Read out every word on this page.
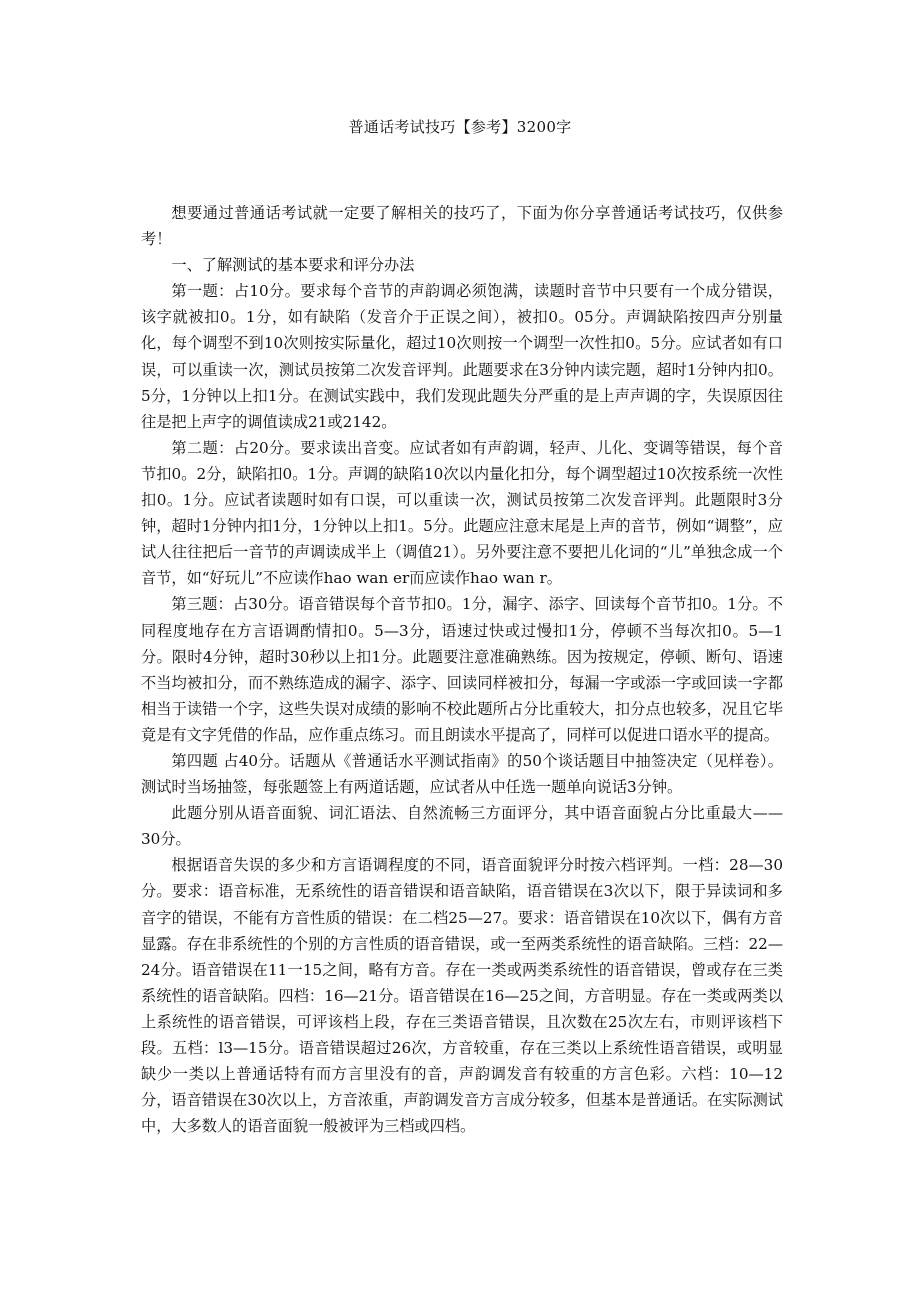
普通话考试技巧【参考】3200字

想要通过普通话考试就一定要了解相关的技巧了，下面为你分享普通话考试技巧，仅供参考！

一、了解测试的基本要求和评分办法

第一题：占10分。要求每个音节的声韵调必须饱满，读题时音节中只要有一个成分错误，该字就被扣0。1分，如有缺陷（发音介于正误之间），被扣0。05分。声调缺陷按四声分别量化，每个调型不到10次则按实际量化，超过10次则按一个调型一次性扣0。5分。应试者如有口误，可以重读一次，测试员按第二次发音评判。此题要求在3分钟内读完题，超时1分钟内扣0。5分，1分钟以上扣1分。在测试实践中，我们发现此题失分严重的是上声声调的字，失误原因往往是把上声字的调值读成21或2142。

第二题：占20分。要求读出音变。应试者如有声韵调，轻声、儿化、变调等错误，每个音节扣0。2分，缺陷扣0。1分。声调的缺陷10次以内量化扣分，每个调型超过10次按系统一次性扣0。1分。应试者读题时如有口误，可以重读一次，测试员按第二次发音评判。此题限时3分钟，超时1分钟内扣1分，1分钟以上扣1。5分。此题应注意末尾是上声的音节，例如“调整”，应试人往往把后一音节的声调读成半上（调值21）。另外要注意不要把儿化词的“儿”单独念成一个音节，如“好玩儿”不应读作hao wan er而应读作hao wan r。

第三题：占30分。语音错误每个音节扣0。1分，漏字、添字、回读每个音节扣0。1分。不同程度地存在方言语调酌情扣0。5—3分，语速过快或过慢扣1分，停顿不当每次扣0。5—1分。限时4分钟，超时30秒以上扣1分。此题要注意准确熟练。因为按规定，停顿、断句、语速不当均被扣分，而不熟练造成的漏字、添字、回读同样被扣分，每漏一字或添一字或回读一字都相当于读错一个字，这些失误对成绩的影响不校此题所占分比重较大，扣分点也较多，况且它毕竟是有文字凭借的作品，应作重点练习。而且朗读水平提高了，同样可以促进口语水平的提高。

第四题 占40分。话题从《普通话水平测试指南》的50个谈话题目中抽签决定（见样卷）。测试时当场抽签，每张题签上有两道话题，应试者从中任选一题单向说话3分钟。

此题分别从语音面貌、词汇语法、自然流畅三方面评分，其中语音面貌占分比重最大——30分。

根据语音失误的多少和方言语调程度的不同，语音面貌评分时按六档评判。一档：28—30分。要求：语音标准，无系统性的语音错误和语音缺陷，语音错误在3次以下，限于异读词和多音字的错误，不能有方音性质的错误：在二档25—27。要求：语音错误在10次以下，偶有方音显露。存在非系统性的个别的方言性质的语音错误，或一至两类系统性的语音缺陷。三档：22—24分。语音错误在11一15之间，略有方音。存在一类或两类系统性的语音错误，曾或存在三类系统性的语音缺陷。四档：16—21分。语音错误在16—25之间，方音明显。存在一类或两类以上系统性的语音错误，可评该档上段，存在三类语音错误，且次数在25次左右，市则评该档下段。五档：l3—15分。语音错误超过26次，方音较重，存在三类以上系统性语音错误，或明显缺少一类以上普通话特有而方言里没有的音，声韵调发音有较重的方言色彩。六档：10—12分，语音错误在30次以上，方音浓重，声韵调发音方言成分较多，但基本是普通话。在实际测试中，大多数人的语音面貌一般被评为三档或四档。
